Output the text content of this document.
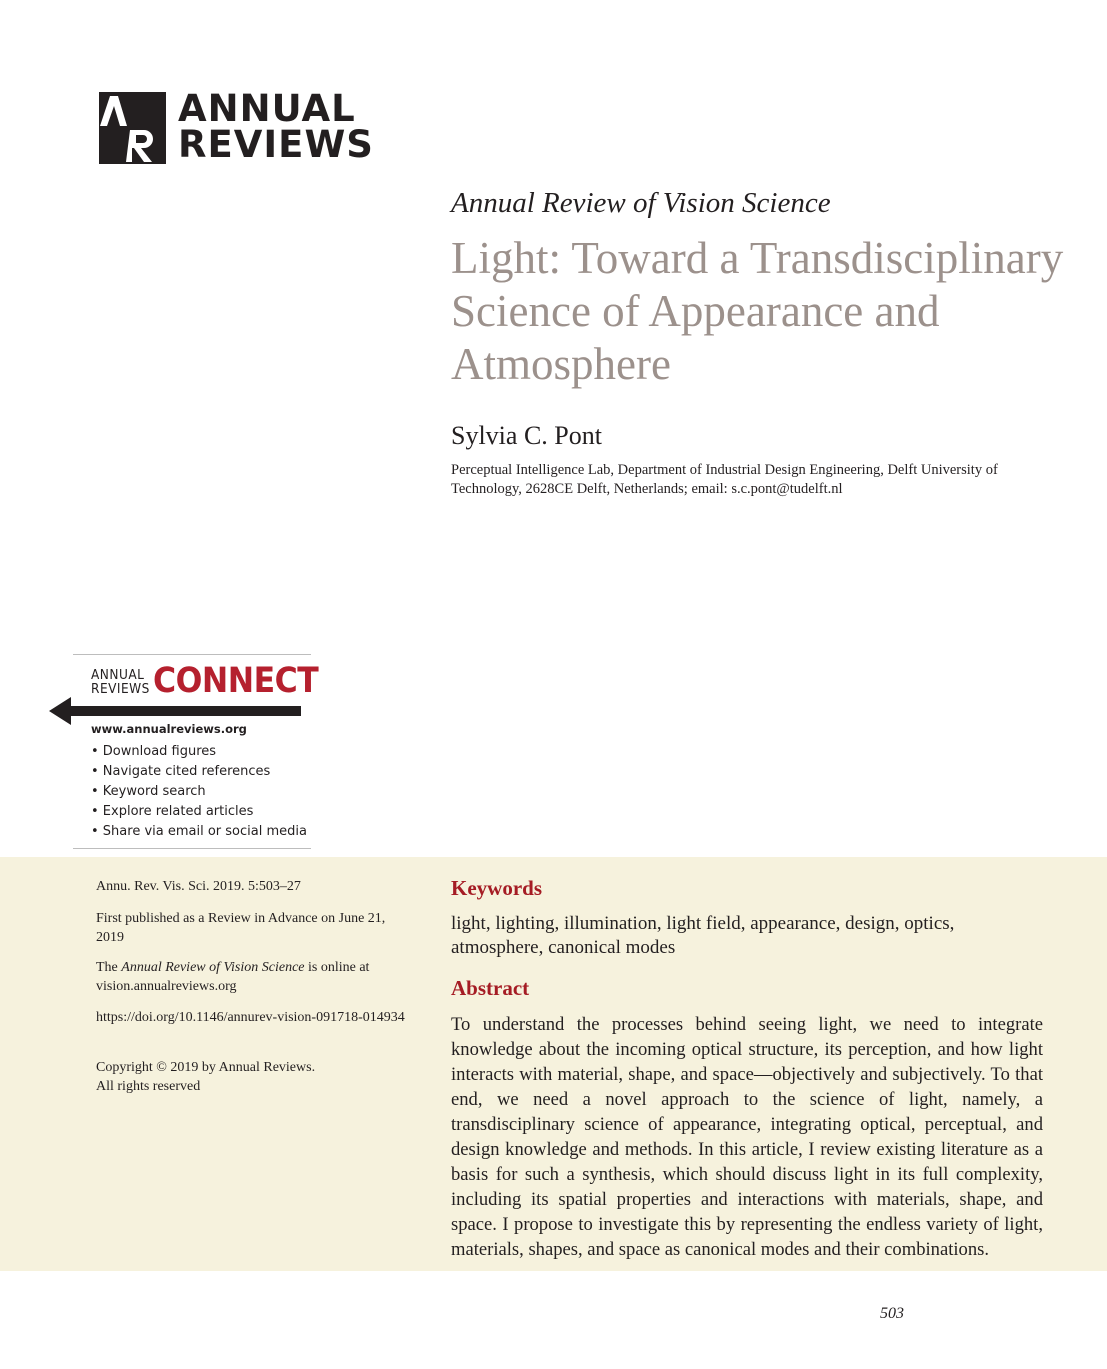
ANNUAL
REVIEWS
Annual Review of Vision Science
Light: Toward a Transdisciplinary Science of Appearance and Atmosphere
Sylvia C. Pont
Perceptual Intelligence Lab, Department of Industrial Design Engineering, Delft University of Technology, 2628CE Delft, Netherlands; email: s.c.pont@tudelft.nl
ANNUAL
REVIEWS CONNECT
www.annualreviews.org
• Download figures
• Navigate cited references
• Keyword search
• Explore related articles
• Share via email or social media
Annu. Rev. Vis. Sci. 2019. 5:503–27
First published as a Review in Advance on June 21, 2019
The Annual Review of Vision Science is online at vision.annualreviews.org
https://doi.org/10.1146/annurev-vision-091718-014934
Copyright © 2019 by Annual Reviews.
All rights reserved
Keywords
light, lighting, illumination, light field, appearance, design, optics, atmosphere, canonical modes
Abstract
To understand the processes behind seeing light, we need to integrate knowledge about the incoming optical structure, its perception, and how light interacts with material, shape, and space—objectively and subjectively. To that end, we need a novel approach to the science of light, namely, a transdisciplinary science of appearance, integrating optical, perceptual, and design knowledge and methods. In this article, I review existing literature as a basis for such a synthesis, which should discuss light in its full complexity, including its spatial properties and interactions with materials, shape, and space. I propose to investigate this by representing the endless variety of light, materials, shapes, and space as canonical modes and their combinations.
503
